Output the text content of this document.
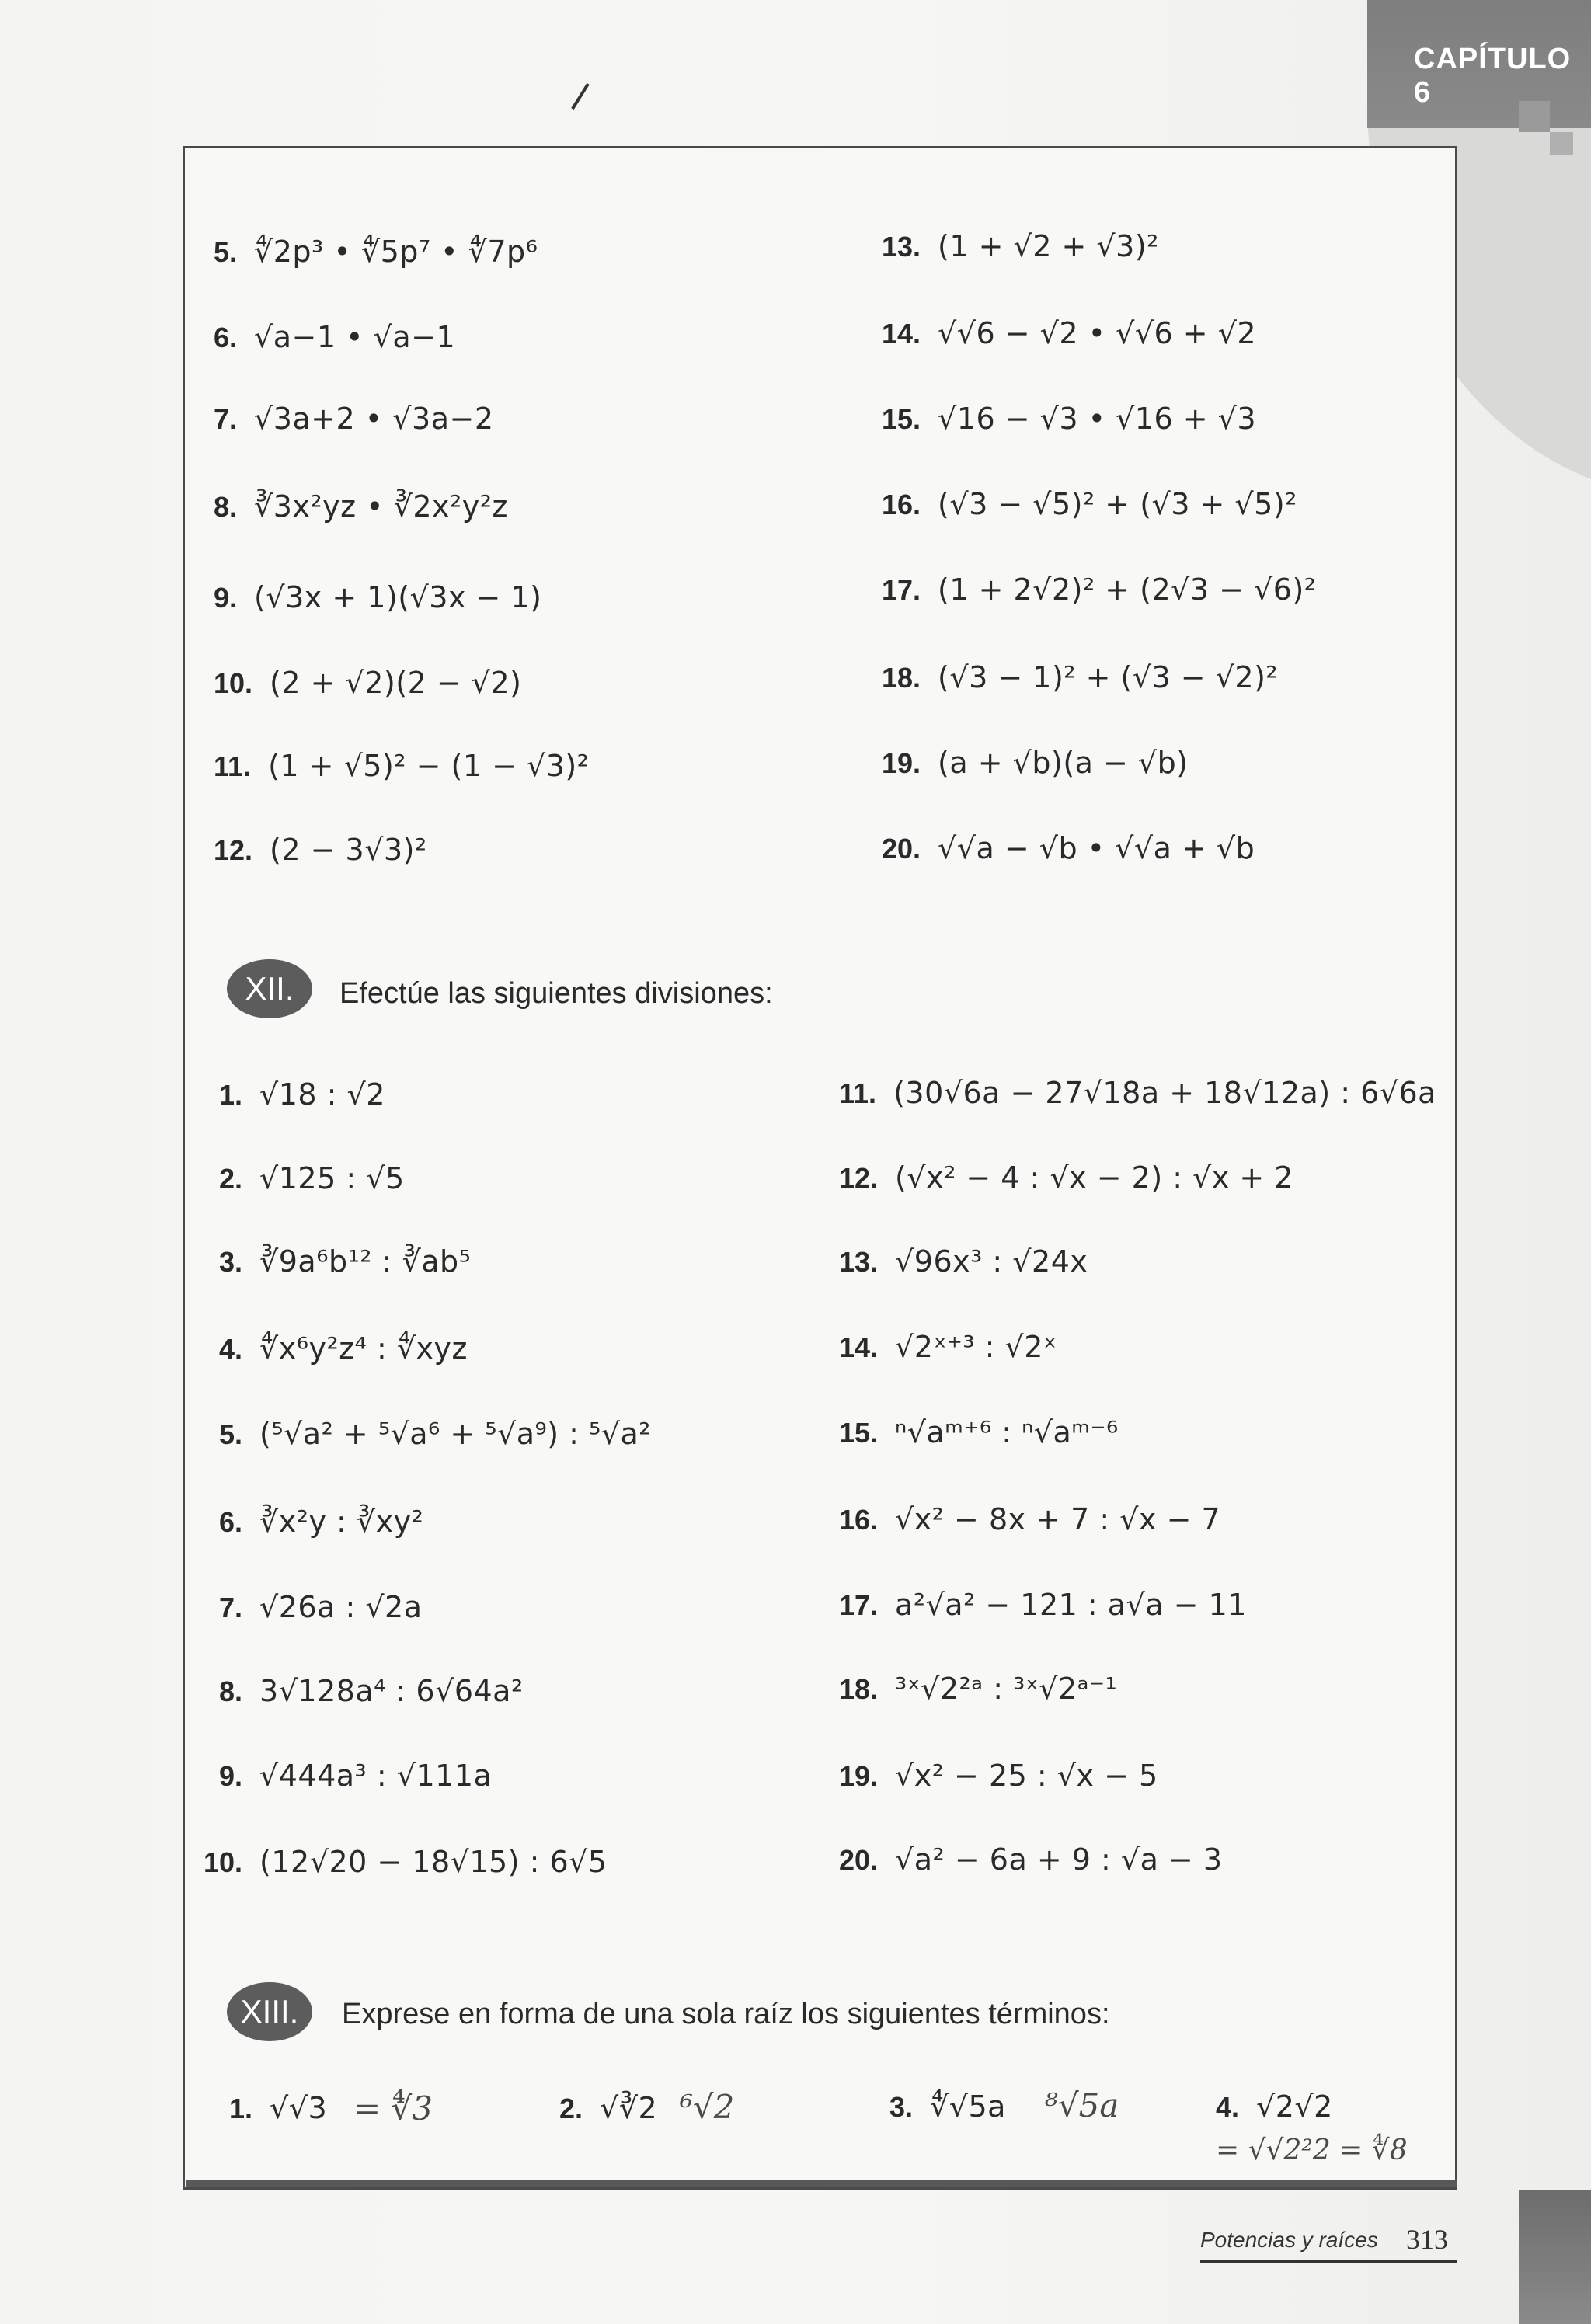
CAPÍTULO 6
5. ∜2p³ • ∜5p⁷ • ∜7p⁶
6. √a−1 • √a−1
7. √3a+2 • √3a−2
8. ∛3x²yz • ∛2x²y²z
9. (√3x + 1)(√3x − 1)
10. (2 + √2)(2 − √2)
11. (1 + √5)² − (1 − √3)²
12. (2 − 3√3)²
13. (1 + √2 + √3)²
14. √√6 − √2 • √√6 + √2
15. √16 − √3 • √16 + √3
16. (√3 − √5)² + (√3 + √5)²
17. (1 + 2√2)² + (2√3 − √6)²
18. (√3 − 1)² + (√3 − √2)²
19. (a + √b)(a − √b)
20. √√a − √b • √√a + √b
XII.	Efectúe las siguientes divisiones:
1. √18 : √2
2. √125 : √5
3. ∛9a⁶b¹² : ∛ab⁵
4. ∜x⁶y²z⁴ : ∜xyz
5. (⁵√a² + ⁵√a⁶ + ⁵√a⁹) : ⁵√a²
6. ∛x²y : ∛xy²
7. √26a : √2a
8. 3√128a⁴ : 6√64a²
9. √444a³ : √111a
10. (12√20 − 18√15) : 6√5
11. (30√6a − 27√18a + 18√12a) : 6√6a
12. (√x² − 4 : √x − 2) : √x + 2
13. √96x³ : √24x
14. √2ˣ⁺³ : √2ˣ
15. ⁿ√aᵐ⁺⁶ : ⁿ√aᵐ⁻⁶
16. √x² − 8x + 7 : √x − 7
17. a²√a² − 121 : a√a − 11
18. ³ˣ√2²ᵃ : ³ˣ√2ᵃ⁻¹
19. √x² − 25 : √x − 5
20. √a² − 6a + 9 : √a − 3
XIII.	Exprese en forma de una sola raíz los siguientes términos:
1. √√3 = ∜3	2. √∛2 ⁶√2	3. ∜√5a ⁸√5a	4. √2√2
= √√2²2 = ∜8
Potencias y raíces 313
